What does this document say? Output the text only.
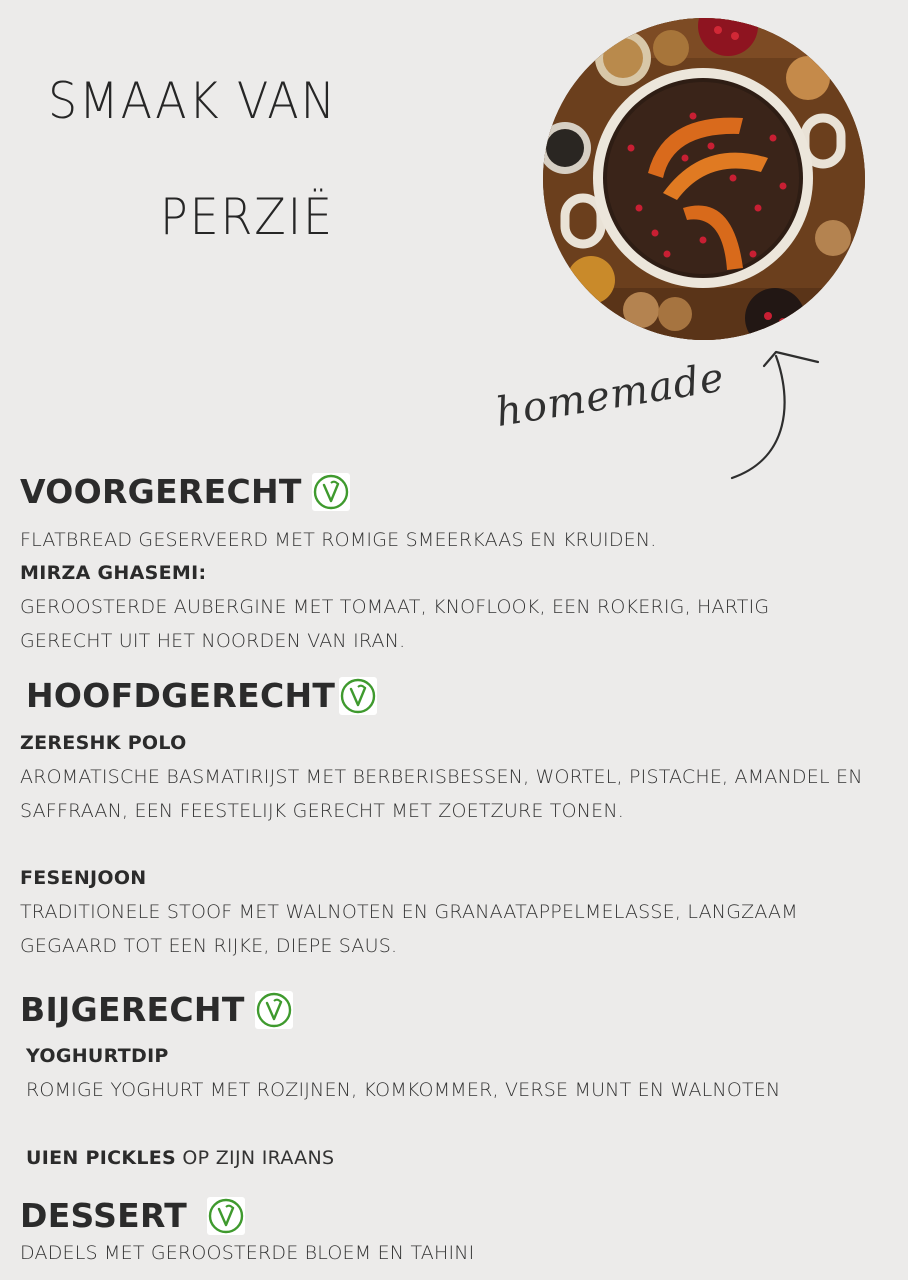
SMAAK VAN
PERZIË
homemade
VOORGERECHT

FLATBREAD GESERVEERD MET ROMIGE SMEERKAAS EN KRUIDEN.

MIRZA GHASEMI:

GEROOSTERDE AUBERGINE MET TOMAAT, KNOFLOOK, EEN ROKERIG, HARTIG GERECHT UIT HET NOORDEN VAN IRAN.

HOOFDGERECHT

ZERESHK POLO

AROMATISCHE BASMATIRIJST MET BERBERISBESSEN, WORTEL, PISTACHE, AMANDEL EN SAFFRAAN, EEN FEESTELIJK GERECHT MET ZOETZURE TONEN.

FESENJOON

TRADITIONELE STOOF MET WALNOTEN EN GRANAATAPPELMELASSE, LANGZAAM GEGAARD TOT EEN RIJKE, DIEPE SAUS.

BIJGERECHT

YOGHURTDIP

ROMIGE YOGHURT MET ROZIJNEN, KOMKOMMER, VERSE MUNT EN WALNOTEN

UIEN PICKLES OP ZIJN IRAANS

DESSERT

DADELS MET GEROOSTERDE BLOEM EN TAHINI
